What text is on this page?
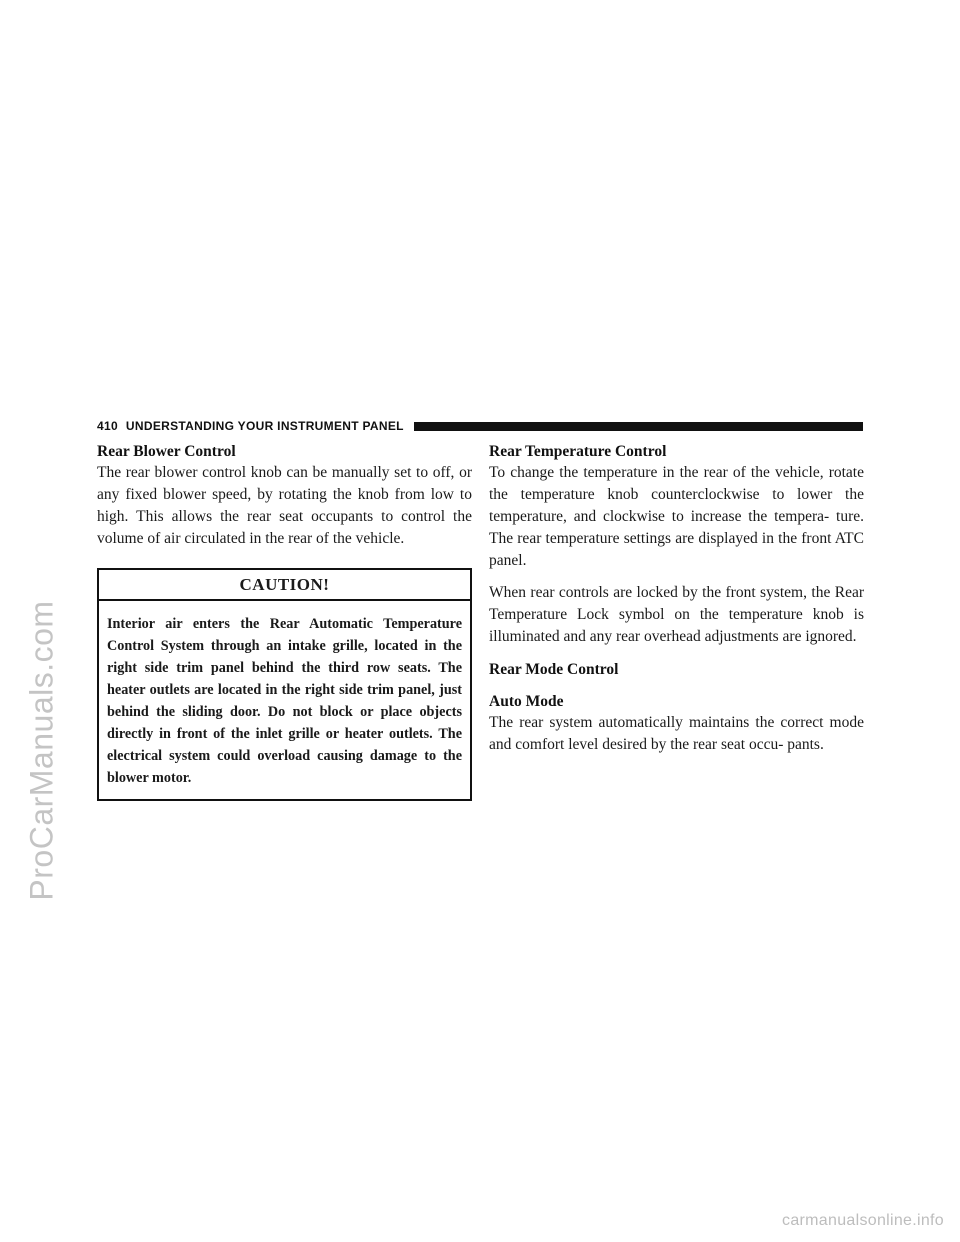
ProCarManuals.com
410 UNDERSTANDING YOUR INSTRUMENT PANEL
Rear Blower Control

The rear blower control knob can be manually set to off, or any fixed blower speed, by rotating the knob from low to high. This allows the rear seat occupants to control the volume of air circulated in the rear of the vehicle.

CAUTION!
Interior air enters the Rear Automatic Temperature Control System through an intake grille, located in the right side trim panel behind the third row seats. The heater outlets are located in the right side trim panel, just behind the sliding door. Do not block or place objects directly in front of the inlet grille or heater outlets. The electrical system could overload causing damage to the blower motor.
Rear Temperature Control

To change the temperature in the rear of the vehicle, rotate the temperature knob counterclockwise to lower the temperature, and clockwise to increase the tempera- ture. The rear temperature settings are displayed in the front ATC panel.

When rear controls are locked by the front system, the Rear Temperature Lock symbol on the temperature knob is illuminated and any rear overhead adjustments are ignored.

Rear Mode Control
Auto Mode

The rear system automatically maintains the correct mode and comfort level desired by the rear seat occu- pants.

carmanualsonline.info
